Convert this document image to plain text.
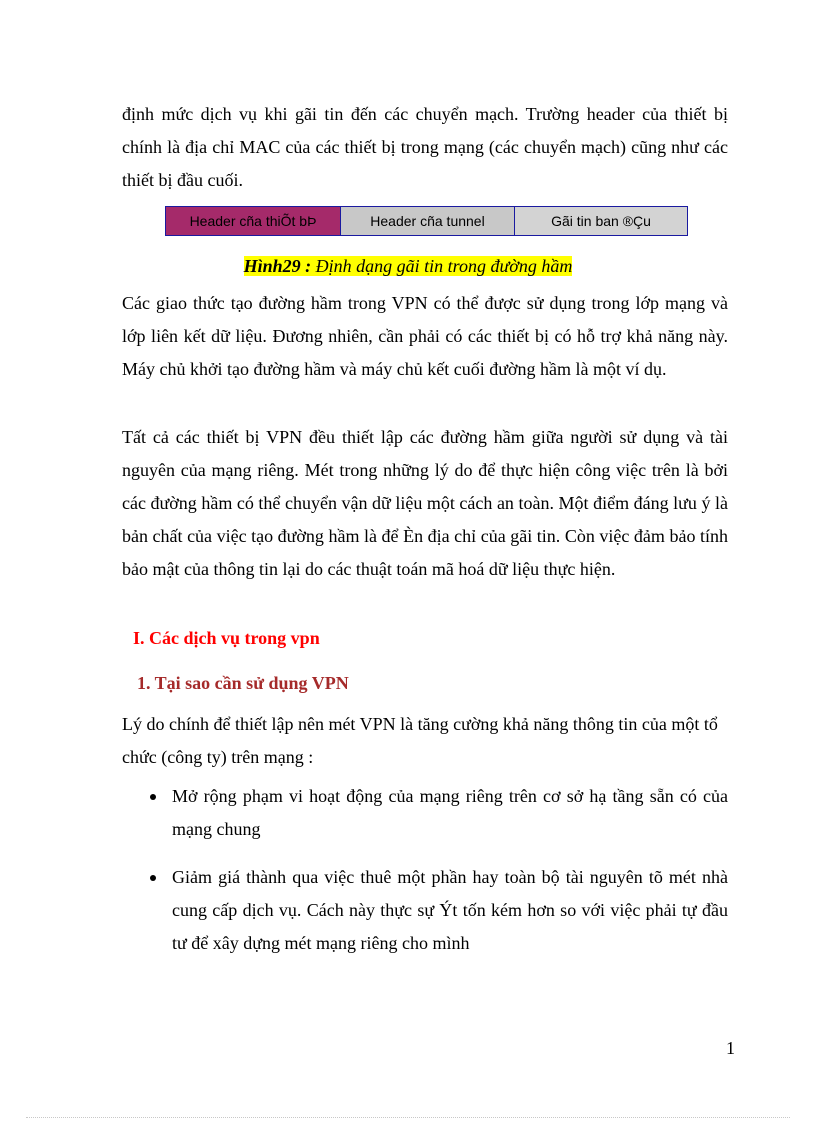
định mức dịch vụ khi gãi tin đến các chuyển mạch. Trường header của thiết bị chính là địa chỉ MAC của các thiết bị trong mạng (các chuyển mạch) cũng như các thiết bị đầu cuối.

Header cña thiÕt bÞ	Header cña tunnel	Gãi tin ban ®Çu
Hình29 : Định dạng gãi tin trong đường hầm

Các giao thức tạo đường hầm trong VPN có thể được sử dụng trong lớp mạng và lớp liên kết dữ liệu. Đương nhiên, cần phải có các thiết bị có hỗ trợ khả năng này. Máy chủ khởi tạo đường hầm và máy chủ kết cuối đường hầm là một ví dụ.

Tất cả các thiết bị VPN đều thiết lập các đường hầm giữa người sử dụng và tài nguyên của mạng riêng. Mét trong những lý do để thực hiện công việc trên là bởi các đường hầm có thể chuyển vận dữ liệu một cách an toàn. Một điểm đáng lưu ý là bản chất của việc tạo đường hầm là để Èn địa chỉ của gãi tin. Còn việc đảm bảo tính bảo mật của thông tin lại do các thuật toán mã hoá dữ liệu thực hiện.

I. Các dịch vụ trong vpn
1. Tại sao cần sử dụng VPN

Lý do chính để thiết lập nên mét VPN là tăng cường khả năng thông tin của một tổ chức (công ty) trên mạng :

Mở rộng phạm vi hoạt động của mạng riêng trên cơ sở hạ tầng sẵn có của mạng chung
Giảm giá thành qua việc thuê một phần hay toàn bộ tài nguyên tõ mét nhà cung cấp dịch vụ. Cách này thực sự Ýt tốn kém hơn so với việc phải tự đầu tư để xây dựng mét mạng riêng cho mình
1
